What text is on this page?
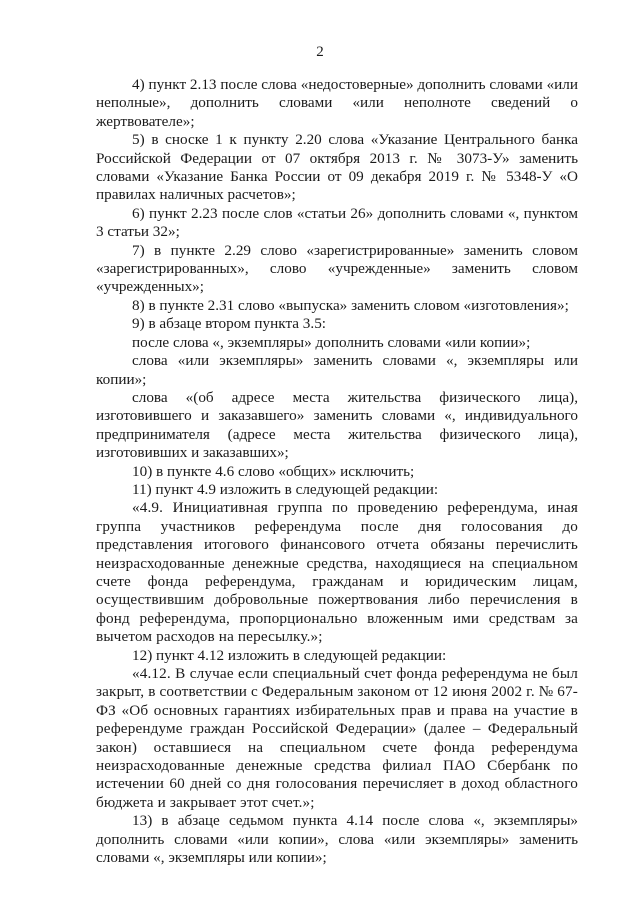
2

4) пункт 2.13 после слова «недостоверные» дополнить словами «или неполные», дополнить словами «или неполноте сведений о жертвователе»;

5) в сноске 1 к пункту 2.20 слова «Указание Центрального банка Российской Федерации от 07 октября 2013 г. № 3073-У» заменить словами «Указание Банка России от 09 декабря 2019 г. № 5348-У «О правилах наличных расчетов»;

6) пункт 2.23 после слов «статьи 26» дополнить словами «, пунктом 3 статьи 32»;

7) в пункте 2.29 слово «зарегистрированные» заменить словом «зарегистрированных», слово «учрежденные» заменить словом «учрежденных»;

8) в пункте 2.31 слово «выпуска» заменить словом «изготовления»;

9) в абзаце втором пункта 3.5:

после слова «, экземпляры» дополнить словами «или копии»;

слова «или экземпляры» заменить словами «, экземпляры или копии»;

слова «(об адресе места жительства физического лица), изготовившего и заказавшего» заменить словами «, индивидуального предпринимателя (адресе места жительства физического лица), изготовивших и заказавших»;

10) в пункте 4.6 слово «общих» исключить;

11) пункт 4.9 изложить в следующей редакции:

«4.9. Инициативная группа по проведению референдума, иная группа участников референдума после дня голосования до представления итогового финансового отчета обязаны перечислить неизрасходованные денежные средства, находящиеся на специальном счете фонда референдума, гражданам и юридическим лицам, осуществившим добровольные пожертвования либо перечисления в фонд референдума, пропорционально вложенным ими средствам за вычетом расходов на пересылку.»;

12) пункт 4.12 изложить в следующей редакции:

«4.12. В случае если специальный счет фонда референдума не был закрыт, в соответствии с Федеральным законом от 12 июня 2002 г. № 67-ФЗ «Об основных гарантиях избирательных прав и права на участие в референдуме граждан Российской Федерации» (далее – Федеральный закон) оставшиеся на специальном счете фонда референдума неизрасходованные денежные средства филиал ПАО Сбербанк по истечении 60 дней со дня голосования перечисляет в доход областного бюджета и закрывает этот счет.»;

13) в абзаце седьмом пункта 4.14 после слова «, экземпляры» дополнить словами «или копии», слова «или экземпляры» заменить словами «, экземпляры или копии»;
